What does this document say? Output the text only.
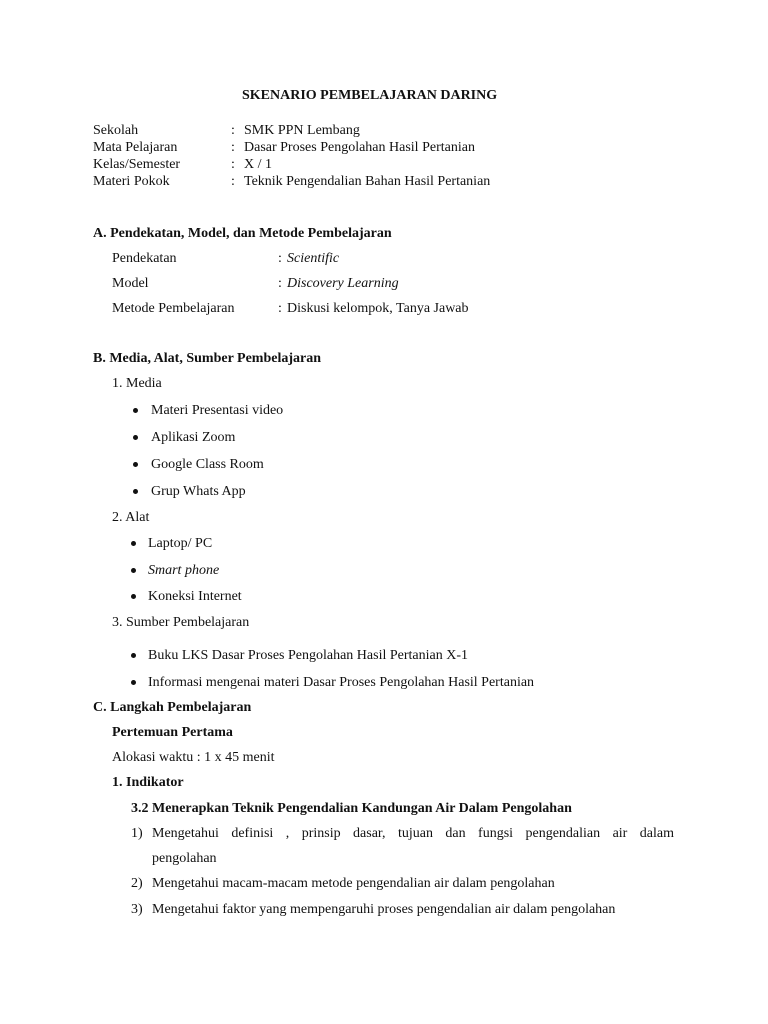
SKENARIO PEMBELAJARAN DARING
Sekolah	: SMK PPN Lembang
Mata Pelajaran	: Dasar Proses Pengolahan Hasil Pertanian
Kelas/Semester	: X / 1
Materi Pokok	: Teknik Pengendalian Bahan Hasil Pertanian
A. Pendekatan, Model, dan Metode Pembelajaran
Pendekatan	: Scientific
Model	: Discovery Learning
Metode Pembelajaran	: Diskusi kelompok, Tanya Jawab
B. Media, Alat, Sumber Pembelajaran
1. Media
Materi Presentasi video
Aplikasi Zoom
Google Class Room
Grup Whats App
2. Alat
Laptop/ PC
Smart phone
Koneksi Internet
3. Sumber Pembelajaran
Buku LKS Dasar Proses Pengolahan Hasil Pertanian X-1
Informasi mengenai materi Dasar Proses Pengolahan Hasil Pertanian
C. Langkah Pembelajaran
Pertemuan Pertama
Alokasi waktu : 1 x 45 menit
1. Indikator
3.2 Menerapkan Teknik Pengendalian Kandungan Air Dalam Pengolahan
1) Mengetahui definisi , prinsip dasar, tujuan dan fungsi pengendalian air dalam
pengolahan
2) Mengetahui macam-macam metode pengendalian air dalam pengolahan
3) Mengetahui faktor yang mempengaruhi proses pengendalian air dalam pengolahan
